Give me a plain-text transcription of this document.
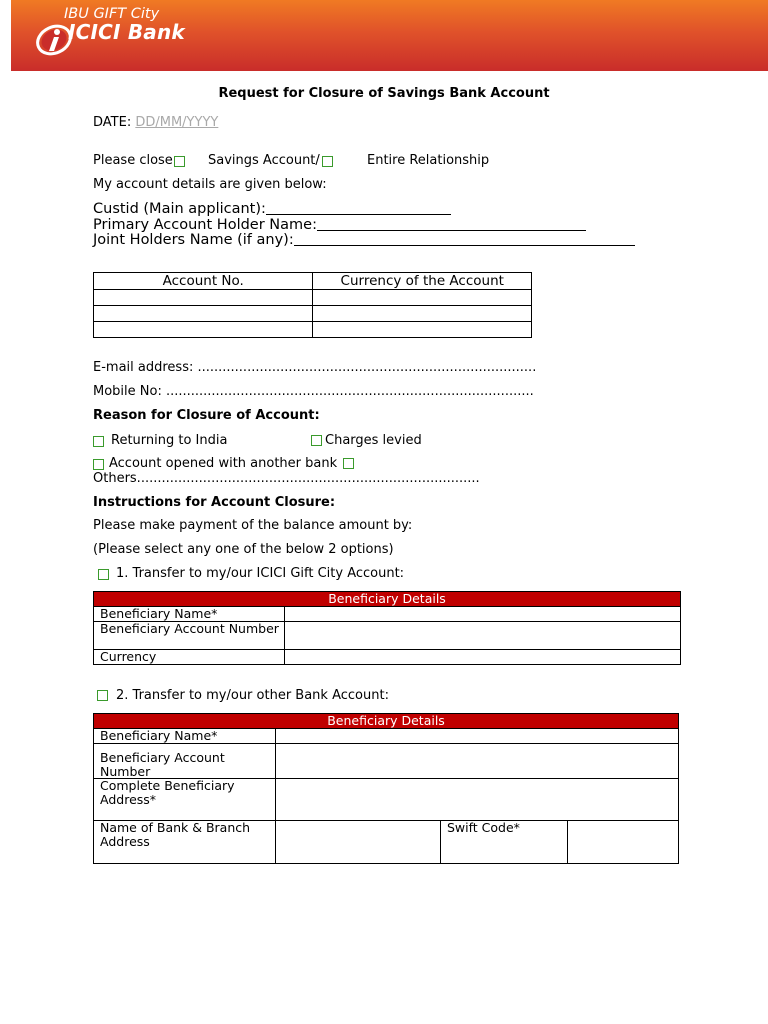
IBU GIFT City
ICICI Bank
Request for Closure of Savings Bank Account
DATE: DD/MM/YYYY
Please close	Savings Account/	Entire Relationship
My account details are given below:
Custid (Main applicant):
Primary Account Holder Name:
Joint Holders Name (if any):
Account No.	Currency of the Account

E-mail address: ..................................................................................
Mobile No: .........................................................................................
Reason for Closure of Account:
Returning to India	Charges levied
Account opened with another bank
Others...................................................................................
Instructions for Account Closure:
Please make payment of the balance amount by:
(Please select any one of the below 2 options)
1. Transfer to my/our ICICI Gift City Account:
Beneficiary Details	
Beneficiary Name*	
Beneficiary Account Number	
Currency	
2. Transfer to my/our other Bank Account:
Beneficiary Details			
Beneficiary Name*			
Beneficiary Account Number			
Complete Beneficiary Address*			
Name of Bank & Branch Address		Swift Code*	
